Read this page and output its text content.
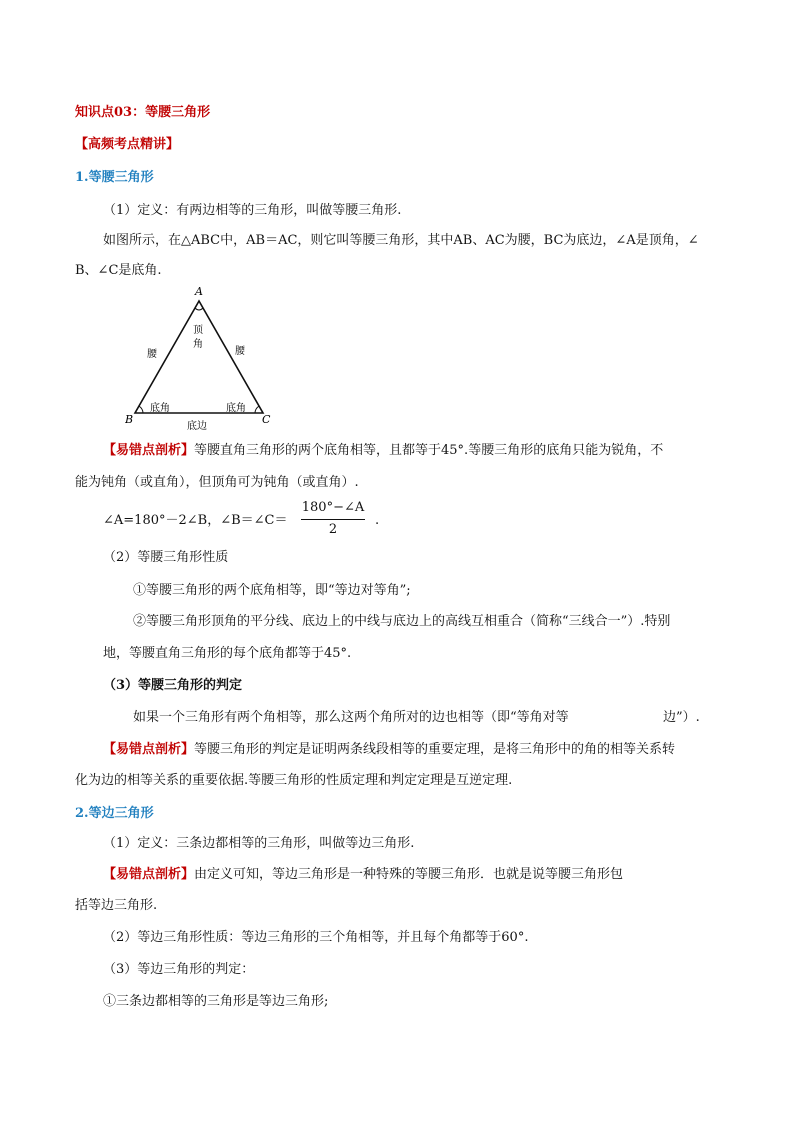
知识点03：等腰三角形
【高频考点精讲】
1.等腰三角形
（1）定义：有两边相等的三角形，叫做等腰三角形.
如图所示，在△ABC中，AB＝AC，则它叫等腰三角形，其中AB、AC为腰，BC为底边，∠A是顶角，∠
B、∠C是底角.
A
B	C
顶
角
腰	腰
底角	底角
底边
【易错点剖析】等腰直角三角形的两个底角相等，且都等于45°.等腰三角形的底角只能为锐角，不
能为钝角（或直角），但顶角可为钝角（或直角）.
∠A=180°－2∠B，∠B＝∠C＝
180°−∠A
2
.
（2）等腰三角形性质
①等腰三角形的两个底角相等，即“等边对等角”;
②等腰三角形顶角的平分线、底边上的中线与底边上的高线互相重合（简称“三线合一”）.特别
地，等腰直角三角形的每个底角都等于45°.
（3）等腰三角形的判定
如果一个三角形有两个角相等，那么这两个角所对的边也相等（即“等角对等	边”）.
【易错点剖析】等腰三角形的判定是证明两条线段相等的重要定理，是将三角形中的角的相等关系转
化为边的相等关系的重要依据.等腰三角形的性质定理和判定定理是互逆定理.
2.等边三角形
（1）定义：三条边都相等的三角形，叫做等边三角形.
【易错点剖析】由定义可知，等边三角形是一种特殊的等腰三角形．也就是说等腰三角形包
括等边三角形.
（2）等边三角形性质：等边三角形的三个角相等，并且每个角都等于60°.
（3）等边三角形的判定：
①三条边都相等的三角形是等边三角形;
